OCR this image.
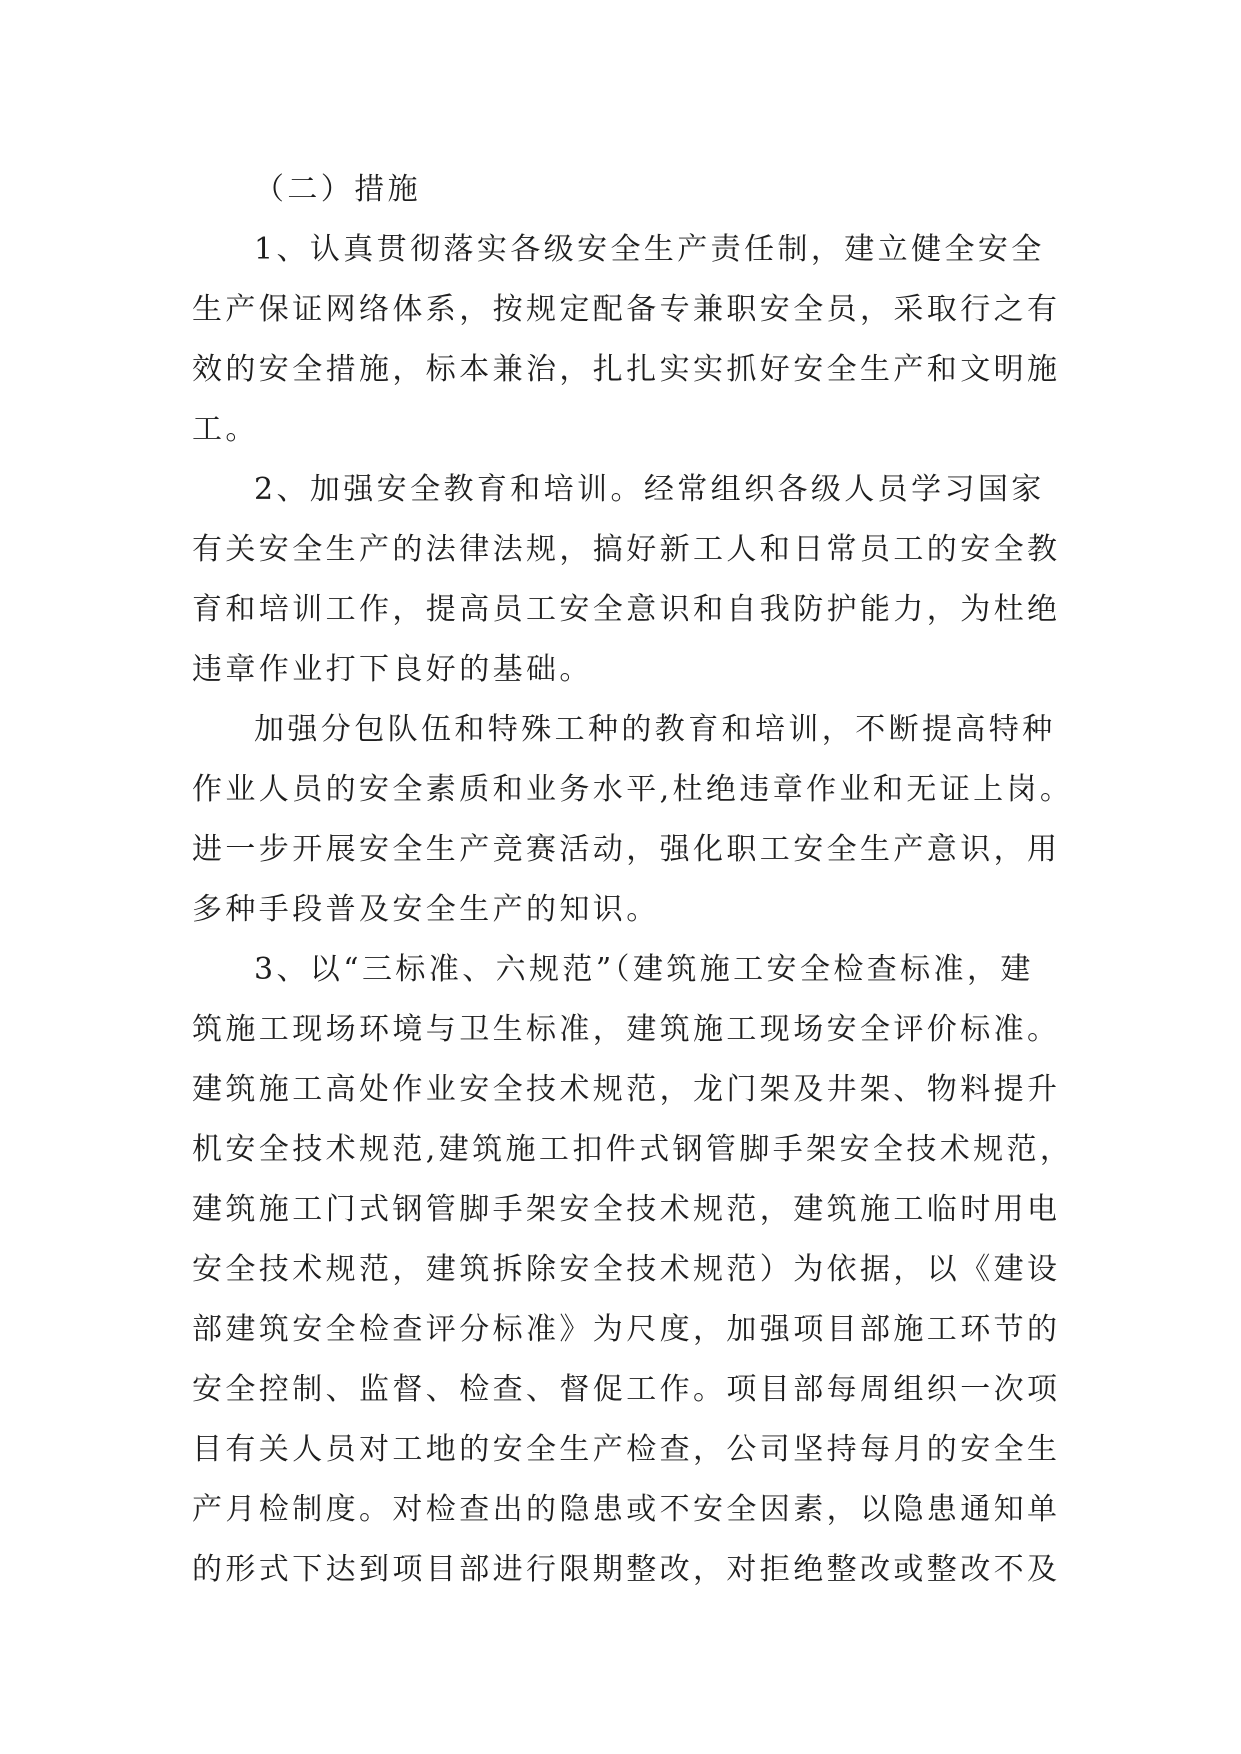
（二）措施
1、认真贯彻落实各级安全生产责任制，建立健全安全
生产保证网络体系，按规定配备专兼职安全员，采取行之有
效的安全措施，标本兼治，扎扎实实抓好安全生产和文明施
工。
2、加强安全教育和培训。经常组织各级人员学习国家
有关安全生产的法律法规，搞好新工人和日常员工的安全教
育和培训工作，提高员工安全意识和自我防护能力，为杜绝
违章作业打下良好的基础。
加强分包队伍和特殊工种的教育和培训，不断提高特种
作业人员的安全素质和业务水平,杜绝违章作业和无证上岗。
进一步开展安全生产竞赛活动，强化职工安全生产意识，用
多种手段普及安全生产的知识。
3、以“三标准、六规范”（建筑施工安全检查标准，建
筑施工现场环境与卫生标准，建筑施工现场安全评价标准。
建筑施工高处作业安全技术规范，龙门架及井架、物料提升
机安全技术规范,建筑施工扣件式钢管脚手架安全技术规范，
建筑施工门式钢管脚手架安全技术规范，建筑施工临时用电
安全技术规范，建筑拆除安全技术规范）为依据，以《建设
部建筑安全检查评分标准》为尺度，加强项目部施工环节的
安全控制、监督、检查、督促工作。项目部每周组织一次项
目有关人员对工地的安全生产检查，公司坚持每月的安全生
产月检制度。对检查出的隐患或不安全因素，以隐患通知单
的形式下达到项目部进行限期整改，对拒绝整改或整改不及
